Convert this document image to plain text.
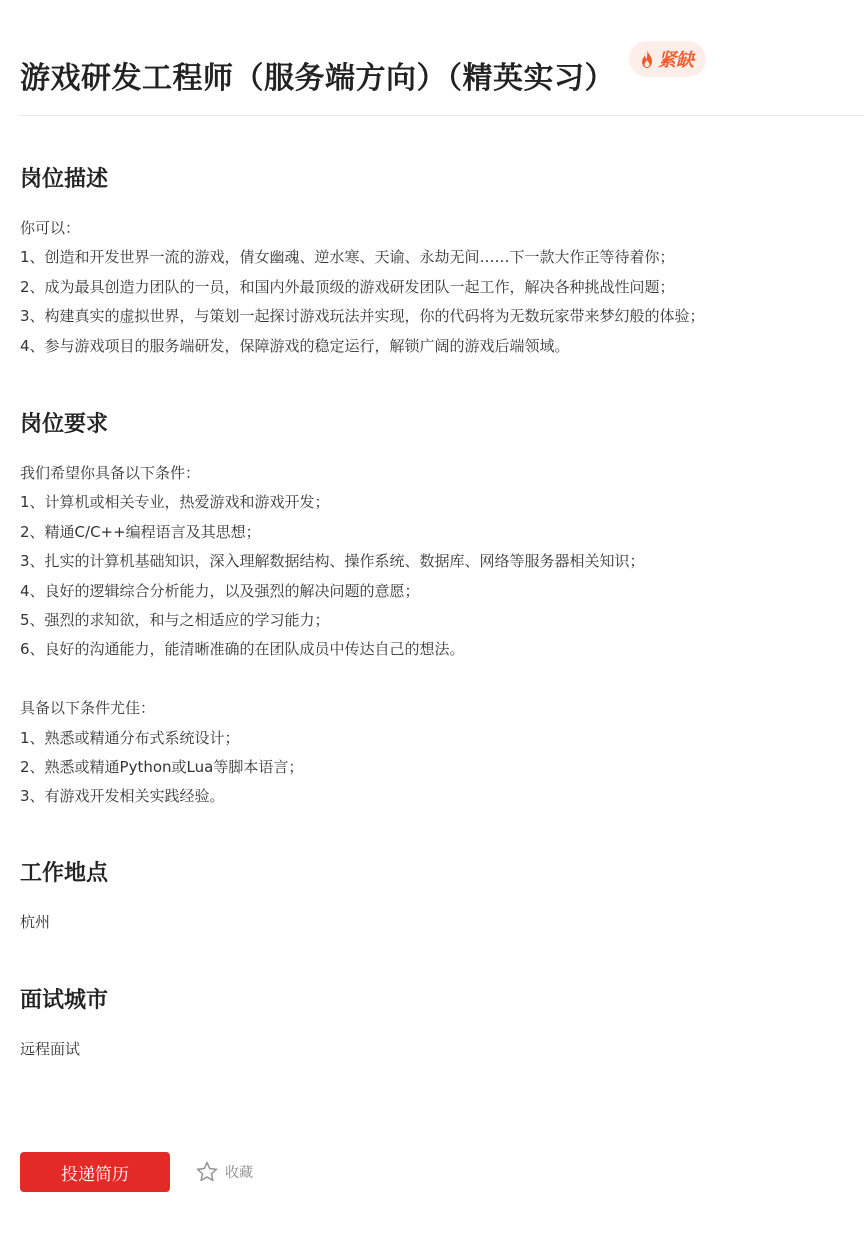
游戏研发工程师（服务端方向）（精英实习）
紧缺
岗位描述
你可以：
1、创造和开发世界一流的游戏，倩女幽魂、逆水寒、天谕、永劫无间……下一款大作正等待着你；
2、成为最具创造力团队的一员，和国内外最顶级的游戏研发团队一起工作，解决各种挑战性问题；
3、构建真实的虚拟世界，与策划一起探讨游戏玩法并实现，你的代码将为无数玩家带来梦幻般的体验；
4、参与游戏项目的服务端研发，保障游戏的稳定运行，解锁广阔的游戏后端领域。
岗位要求
我们希望你具备以下条件：
1、计算机或相关专业，热爱游戏和游戏开发；
2、精通C/C++编程语言及其思想；
3、扎实的计算机基础知识，深入理解数据结构、操作系统、数据库、网络等服务器相关知识；
4、良好的逻辑综合分析能力，以及强烈的解决问题的意愿；
5、强烈的求知欲，和与之相适应的学习能力；
6、良好的沟通能力，能清晰准确的在团队成员中传达自己的想法。
具备以下条件尤佳：
1、熟悉或精通分布式系统设计；
2、熟悉或精通Python或Lua等脚本语言；
3、有游戏开发相关实践经验。
工作地点
杭州
面试城市
远程面试
投递简历	收藏
